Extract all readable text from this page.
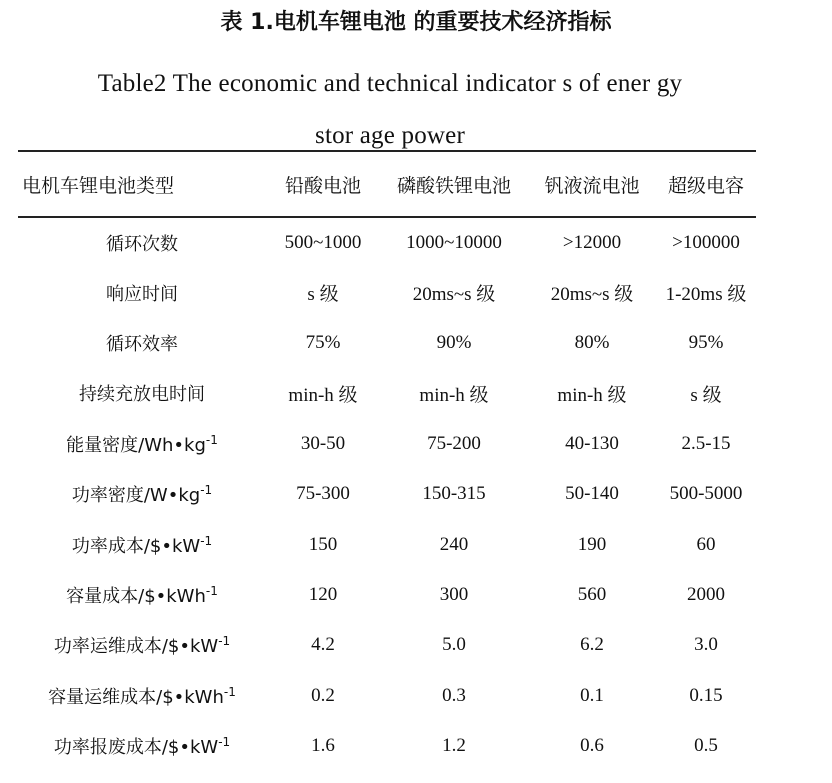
表 1.电机车锂电池 的重要技术经济指标
Table2 The economic and technical indicator s of ener gy
stor age power
电机车锂电池类型	铅酸电池	磷酸铁锂电池	钒液流电池	超级电容
循环次数	500~1000	1000~10000	>12000	>100000
响应时间	s 级	20ms~s 级	20ms~s 级	1-20ms 级
循环效率	75%	90%	80%	95%
持续充放电时间	min-h 级	min-h 级	min-h 级	s 级
能量密度$/Wh•kg^{-1}$	30-50	75-200	40-130	2.5-15
功率密度$/W•kg^{-1}$	75-300	150-315	50-140	500-5000
功率成本$/\$•kW^{-1}$	150	240	190	60
容量成本/$•kWh$^{-1}$	120	300	560	2000
功率运维成本$/\$•kW^{-1}$	4.2	5.0	6.2	3.0
容量运维成本/$•kWh$^{-1}$	0.2	0.3	0.1	0.15
功率报废成本$/\$•kW^{-1}$	1.6	1.2	0.6	0.5
